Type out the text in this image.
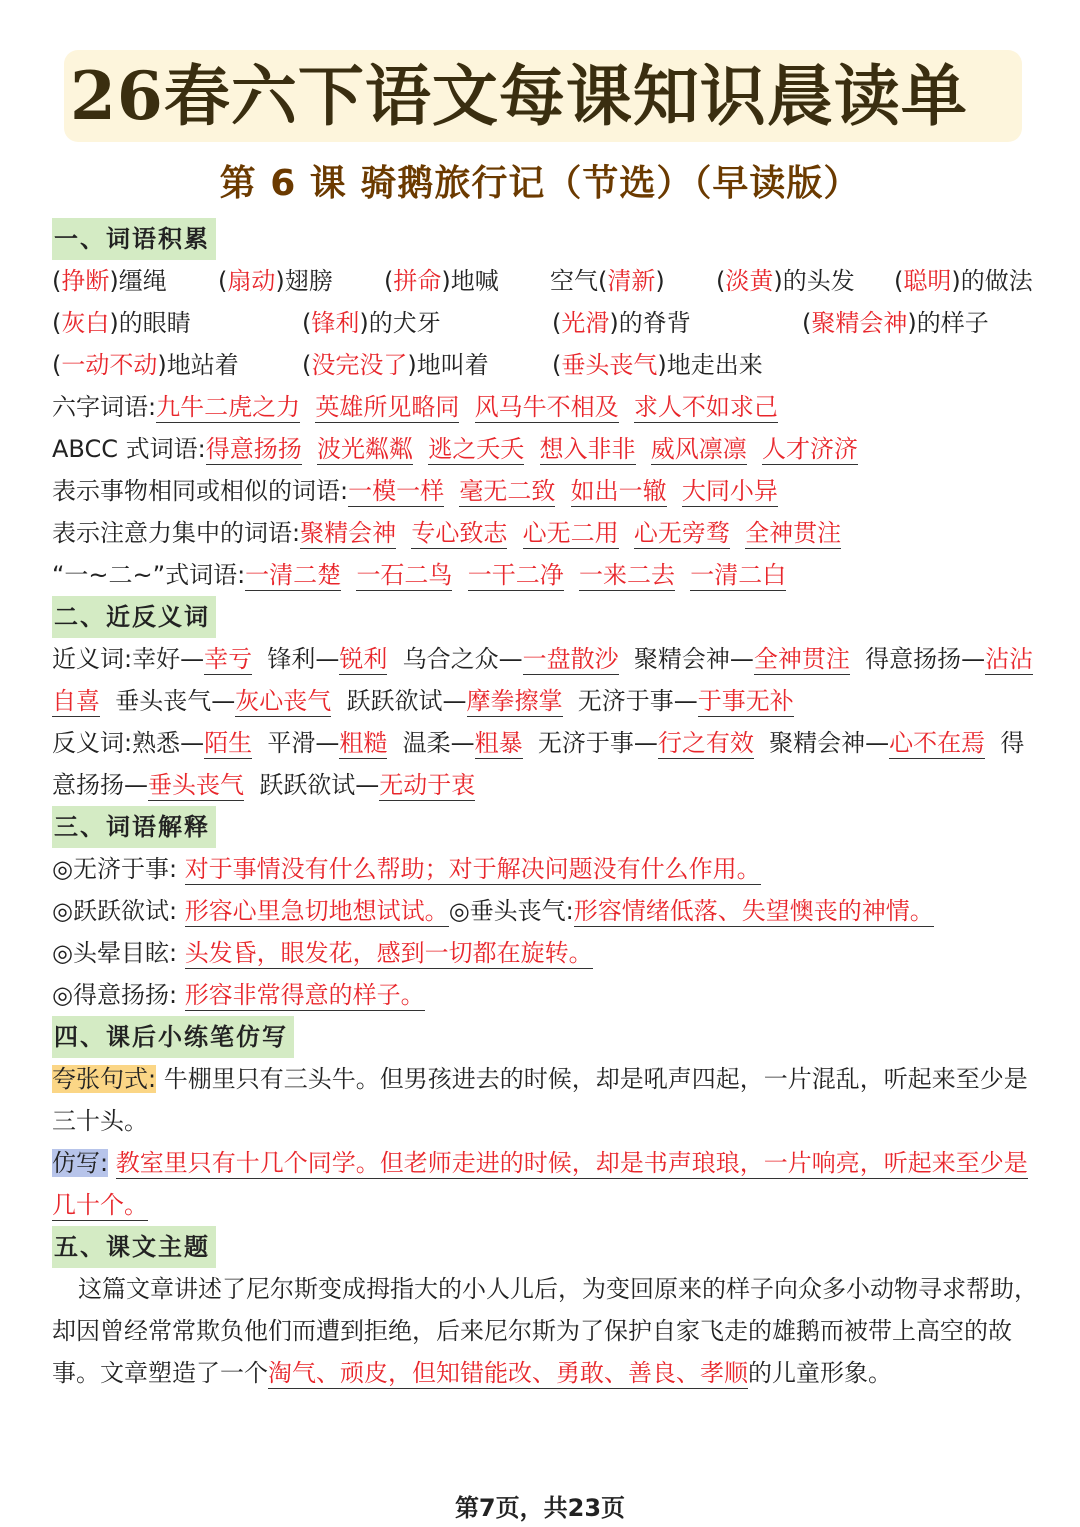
26春六下语文每课知识晨读单
第 6 课 骑鹅旅行记（节选）（早读版）
一、词语积累
(挣断)缰绳 (扇动)翅膀 (拼命)地喊 空气(清新) (淡黄)的头发 (聪明)的做法
(灰白)的眼睛	(锋利)的犬牙	(光滑)的脊背	(聚精会神)的样子
(一动不动)地站着	(没完没了)地叫着	(垂头丧气)地走出来
六字词语:九牛二虎之力 英雄所见略同 风马牛不相及 求人不如求己
ABCC 式词语:得意扬扬 波光粼粼 逃之夭夭 想入非非 威风凛凛 人才济济
表示事物相同或相似的词语:一模一样 毫无二致 如出一辙 大同小异
表示注意力集中的词语:聚精会神 专心致志 心无二用 心无旁骛 全神贯注
“一~二~”式词语:一清二楚 一石二鸟 一干二净 一来二去 一清二白
二、近反义词
近义词:幸好—幸亏 锋利—锐利 乌合之众—一盘散沙 聚精会神—全神贯注 得意扬扬—沾沾自喜 垂头丧气—灰心丧气 跃跃欲试—摩拳擦掌 无济于事—于事无补
反义词:熟悉—陌生 平滑—粗糙 温柔—粗暴 无济于事—行之有效 聚精会神—心不在焉 得意扬扬—垂头丧气 跃跃欲试—无动于衷
三、词语解释
◎无济于事: 对于事情没有什么帮助；对于解决问题没有什么作用。
◎跃跃欲试: 形容心里急切地想试试。◎垂头丧气:形容情绪低落、失望懊丧的神情。
◎头晕目眩: 头发昏，眼发花，感到一切都在旋转。
◎得意扬扬: 形容非常得意的样子。
四、课后小练笔仿写
夸张句式: 牛棚里只有三头牛。但男孩进去的时候，却是吼声四起，一片混乱，听起来至少是三十头。
仿写: 教室里只有十几个同学。但老师走进的时候，却是书声琅琅，一片响亮，听起来至少是几十个。
五、课文主题
这篇文章讲述了尼尔斯变成拇指大的小人儿后，为变回原来的样子向众多小动物寻求帮助，却因曾经常常欺负他们而遭到拒绝，后来尼尔斯为了保护自家飞走的雄鹅而被带上高空的故事。文章塑造了一个淘气、顽皮，但知错能改、勇敢、善良、孝顺的儿童形象。
第7页，共23页
